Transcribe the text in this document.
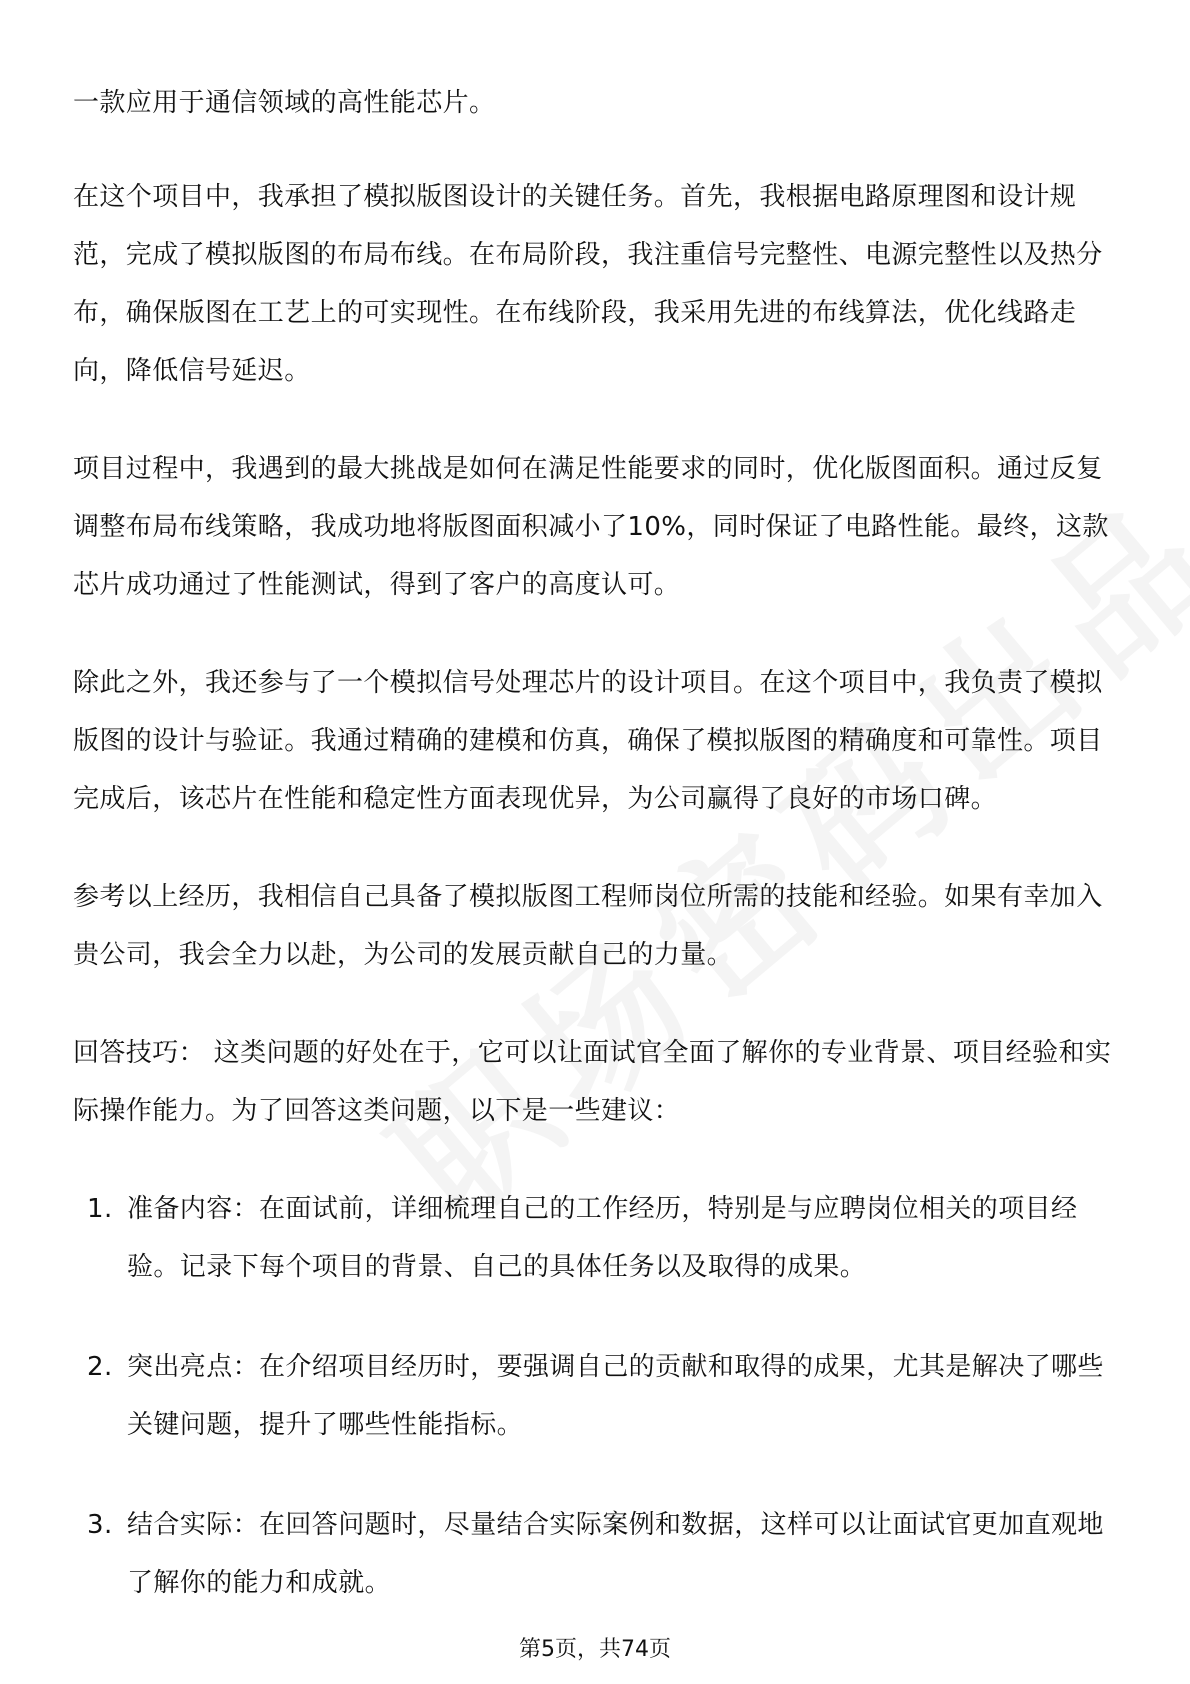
一款应用于通信领域的高性能芯片。

在这个项目中，我承担了模拟版图设计的关键任务。首先，我根据电路原理图和设计规范，完成了模拟版图的布局布线。在布局阶段，我注重信号完整性、电源完整性以及热分布，确保版图在工艺上的可实现性。在布线阶段，我采用先进的布线算法，优化线路走向，降低信号延迟。

项目过程中，我遇到的最大挑战是如何在满足性能要求的同时，优化版图面积。通过反复调整布局布线策略，我成功地将版图面积减小了10%，同时保证了电路性能。最终，这款芯片成功通过了性能测试，得到了客户的高度认可。

除此之外，我还参与了一个模拟信号处理芯片的设计项目。在这个项目中，我负责了模拟版图的设计与验证。我通过精确的建模和仿真，确保了模拟版图的精确度和可靠性。项目完成后，该芯片在性能和稳定性方面表现优异，为公司赢得了良好的市场口碑。

参考以上经历，我相信自己具备了模拟版图工程师岗位所需的技能和经验。如果有幸加入贵公司，我会全力以赴，为公司的发展贡献自己的力量。

回答技巧： 这类问题的好处在于，它可以让面试官全面了解你的专业背景、项目经验和实际操作能力。为了回答这类问题，以下是一些建议：

1. 准备内容：在面试前，详细梳理自己的工作经历，特别是与应聘岗位相关的项目经验。记录下每个项目的背景、自己的具体任务以及取得的成果。
2. 突出亮点：在介绍项目经历时，要强调自己的贡献和取得的成果，尤其是解决了哪些关键问题，提升了哪些性能指标。
3. 结合实际：在回答问题时，尽量结合实际案例和数据，这样可以让面试官更加直观地了解你的能力和成就。
第5页，共74页
